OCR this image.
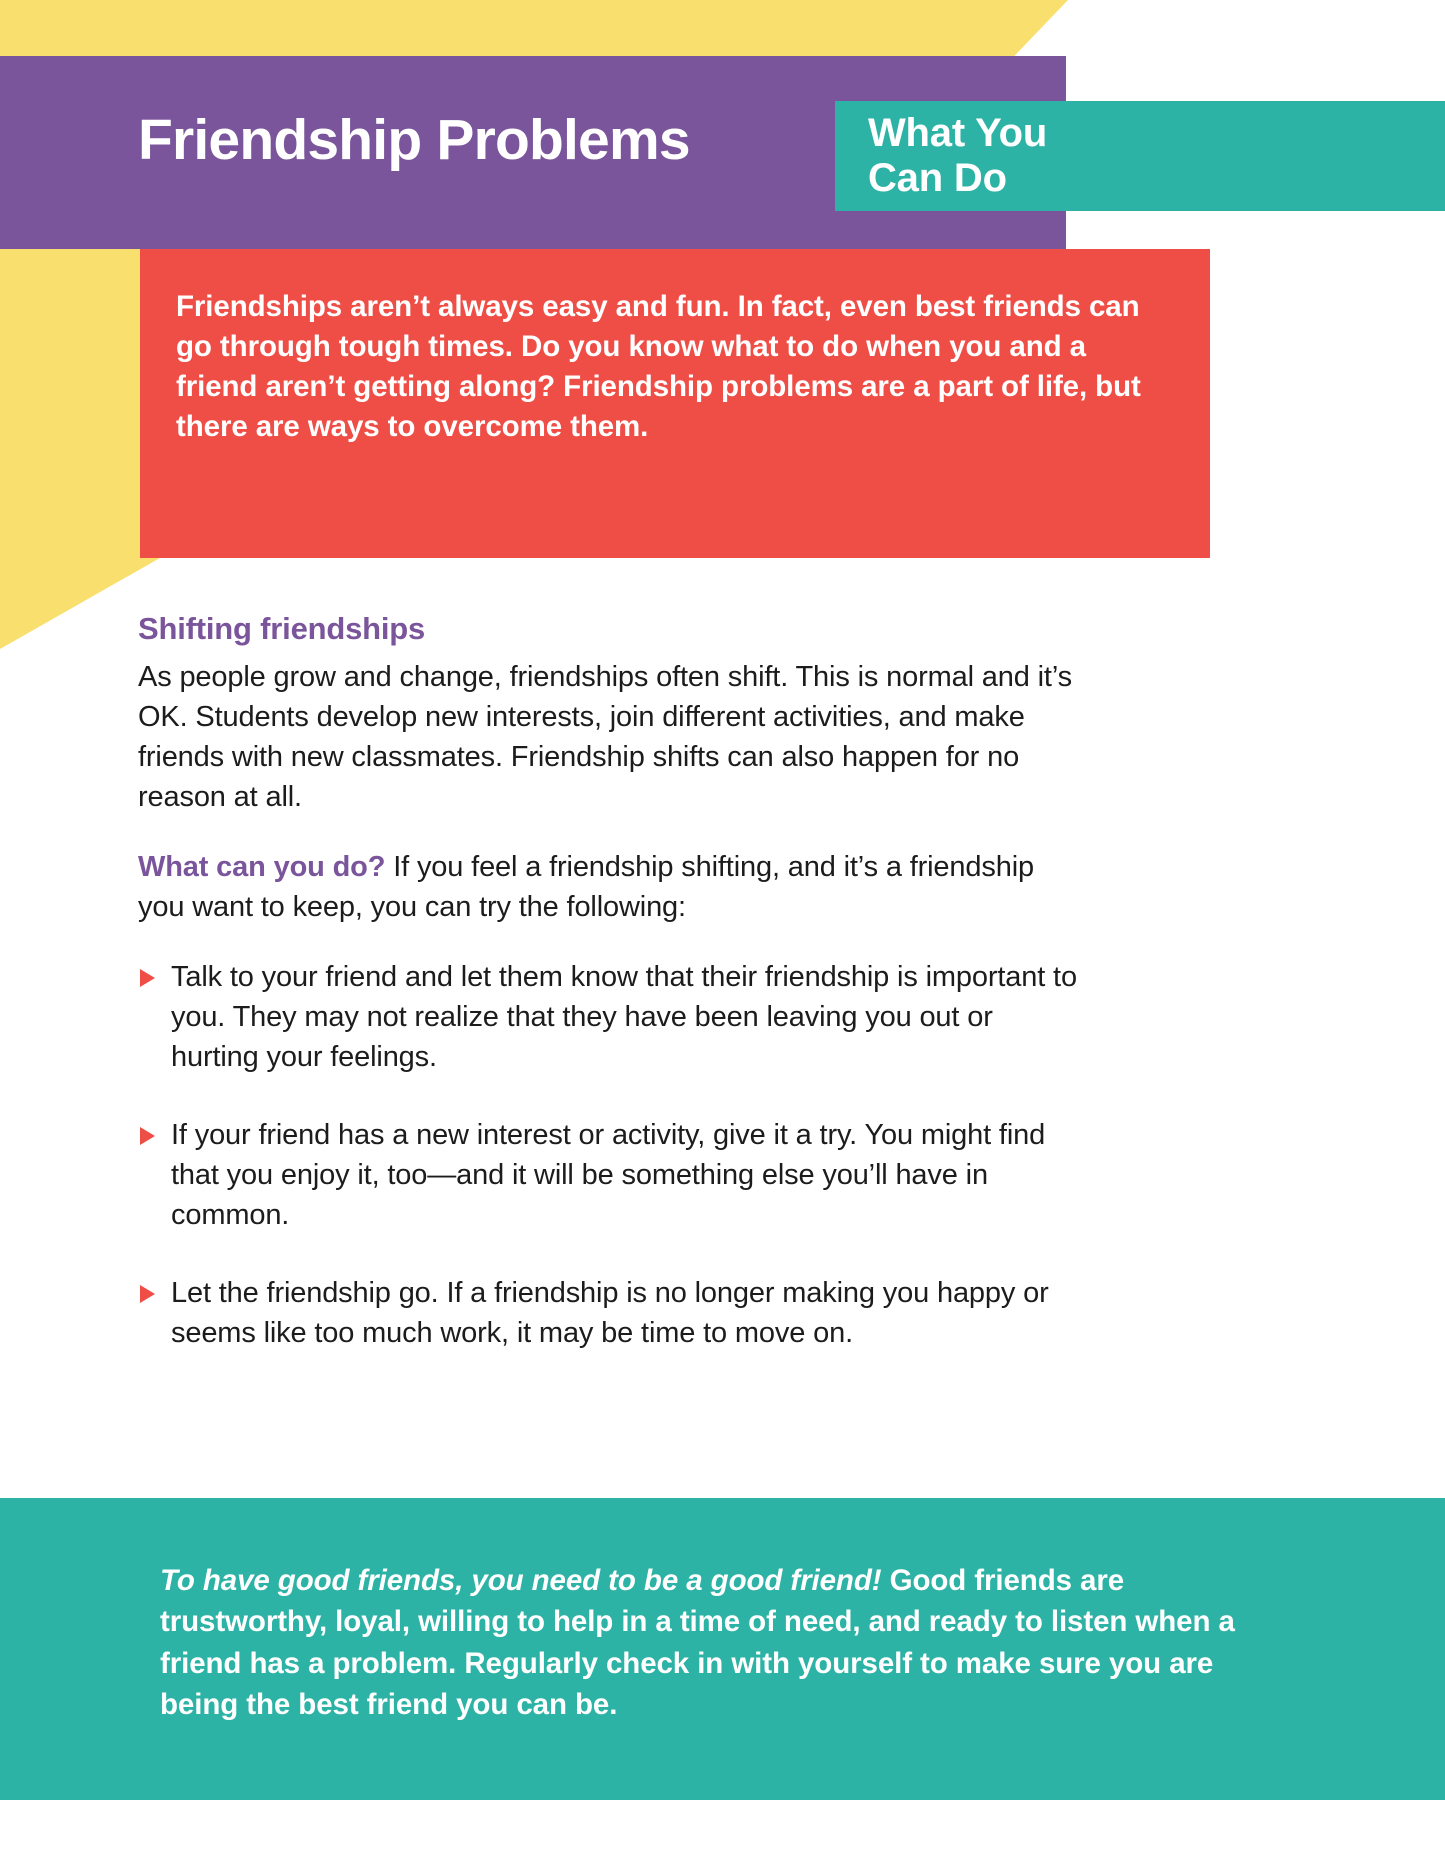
Friendship Problems	What You
Can Do

Friendships aren’t always easy and fun. In fact, even best friends can go through tough times. Do you know what to do when you and a friend aren’t getting along? Friendship problems are a part of life, but there are ways to overcome them.

Shifting friendships

As people grow and change, friendships often shift. This is normal and it’s OK. Students develop new interests, join different activities, and make friends with new classmates. Friendship shifts can also happen for no reason at all.

What can you do? If you feel a friendship shifting, and it’s a friendship you want to keep, you can try the following:

Talk to your friend and let them know that their friendship is important to you. They may not realize that they have been leaving you out or hurting your feelings.
If your friend has a new interest or activity, give it a try. You might find that you enjoy it, too—and it will be something else you’ll have in common.
Let the friendship go. If a friendship is no longer making you happy or seems like too much work, it may be time to move on.

To have good friends, you need to be a good friend! Good friends are trustworthy, loyal, willing to help in a time of need, and ready to listen when a friend has a problem. Regularly check in with yourself to make sure you are being the best friend you can be.
